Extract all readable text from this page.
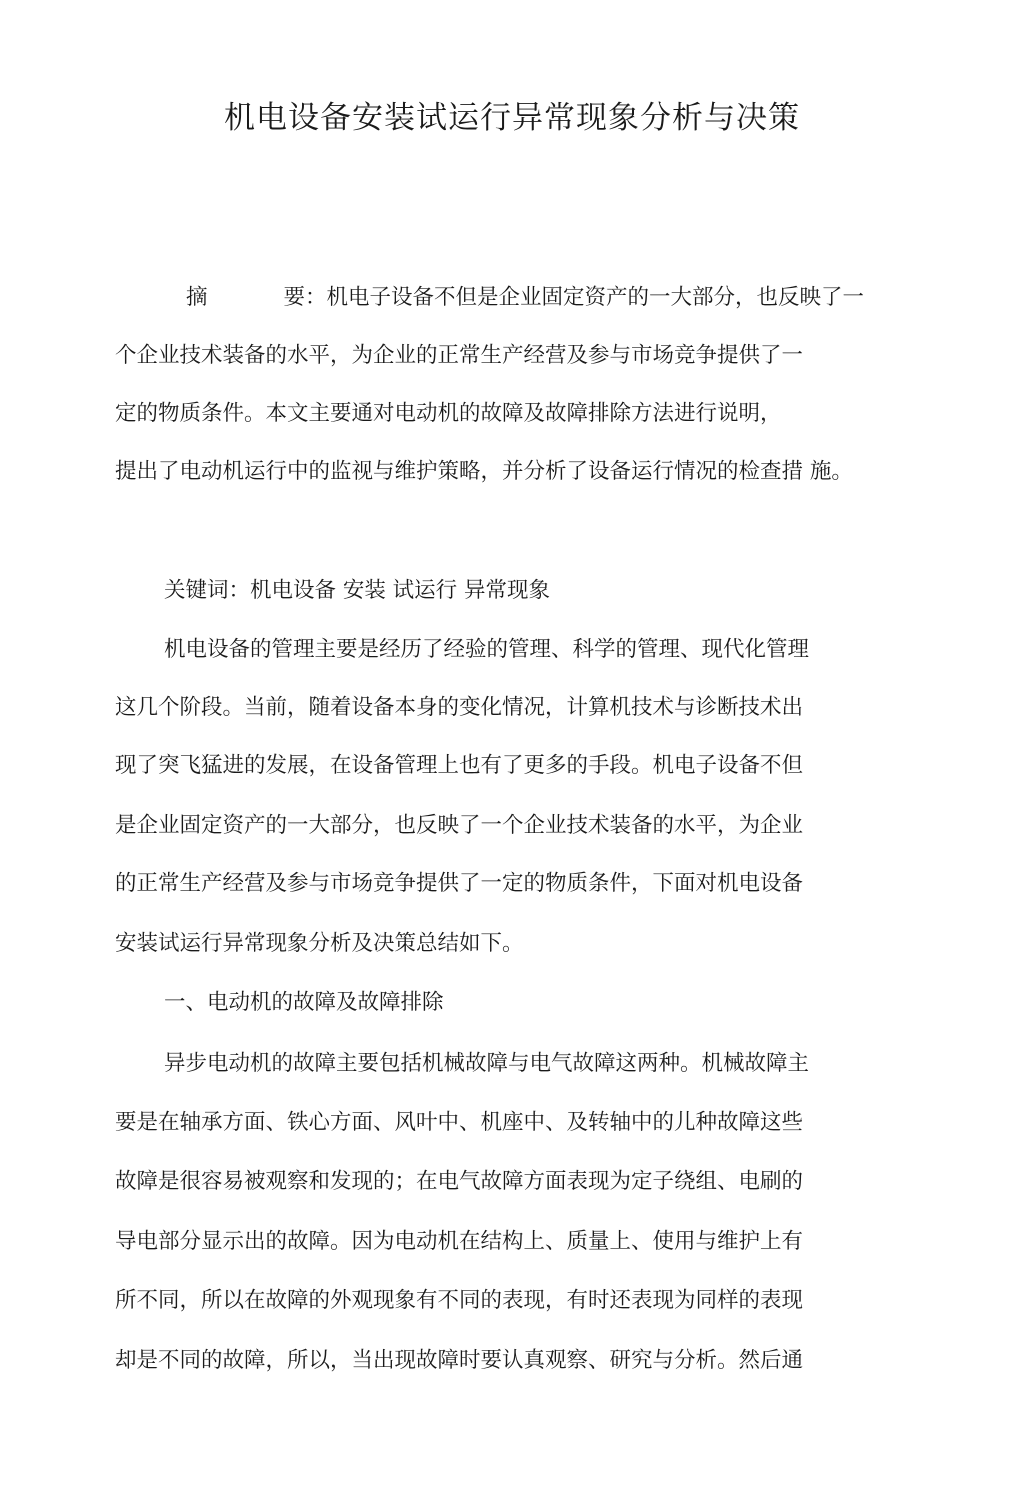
机电设备安装试运行异常现象分析与决策

摘	要：机电子设备不但是企业固定资产的一大部分，也反映了一

个企业技术装备的水平，为企业的正常生产经营及参与市场竞争提供了一

定的物质条件。本文主要通对电动机的故障及故障排除方法进行说明，

提出了电动机运行中的监视与维护策略，并分析了设备运行情况的检查措 施。

关键词：机电设备 安装 试运行 异常现象

机电设备的管理主要是经历了经验的管理、科学的管理、现代化管理

这几个阶段。当前，随着设备本身的变化情况，计算机技术与诊断技术出

现了突飞猛进的发展，在设备管理上也有了更多的手段。机电子设备不但

是企业固定资产的一大部分，也反映了一个企业技术装备的水平，为企业

的正常生产经营及参与市场竞争提供了一定的物质条件，下面对机电设备

安装试运行异常现象分析及决策总结如下。

一、电动机的故障及故障排除

异步电动机的故障主要包括机械故障与电气故障这两种。机械故障主

要是在轴承方面、铁心方面、风叶中、机座中、及转轴中的儿种故障这些

故障是很容易被观察和发现的；在电气故障方面表现为定子绕组、电刷的

导电部分显示出的故障。因为电动机在结构上、质量上、使用与维护上有

所不同，所以在故障的外观现象有不同的表现，有时还表现为同样的表现

却是不同的故障，所以，当出现故障时要认真观察、研究与分析。然后通
